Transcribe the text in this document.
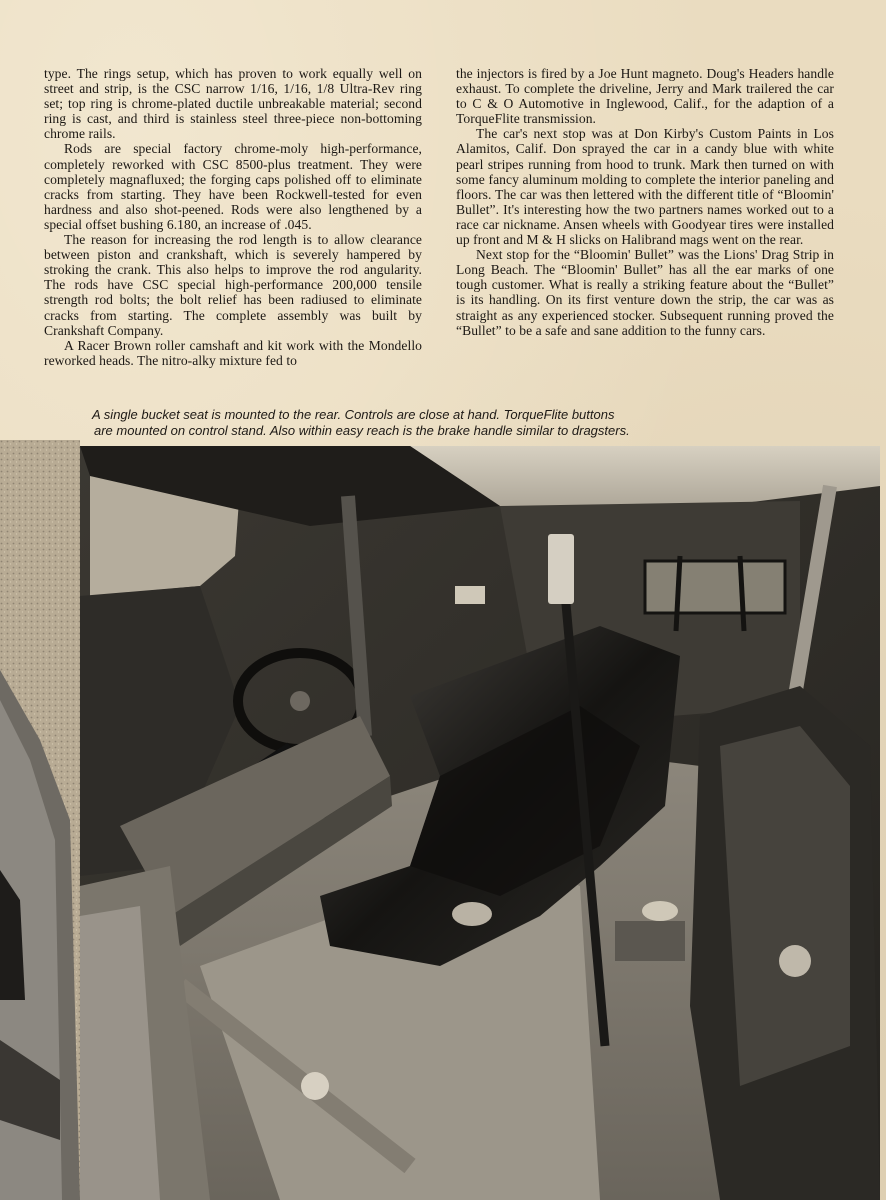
type. The rings setup, which has proven to work equally well on street and strip, is the CSC narrow 1/16, 1/16, 1/8 Ultra-Rev ring set; top ring is chrome-plated ductile unbreakable material; second ring is cast, and third is stainless steel three-piece non-bottoming chrome rails.

Rods are special factory chrome-moly high-performance, completely reworked with CSC 8500-plus treatment. They were completely magnafluxed; the forging caps polished off to eliminate cracks from starting. They have been Rockwell-tested for even hardness and also shot-peened. Rods were also lengthened by a special offset bushing 6.180, an increase of .045.

The reason for increasing the rod length is to allow clearance between piston and crankshaft, which is severely hampered by stroking the crank. This also helps to improve the rod angularity. The rods have CSC special high-performance 200,000 tensile strength rod bolts; the bolt relief has been radiused to eliminate cracks from starting. The complete assembly was built by Crankshaft Company.

A Racer Brown roller camshaft and kit work with the Mondello reworked heads. The nitro-alky mixture fed to

the injectors is fired by a Joe Hunt magneto. Doug's Headers handle exhaust. To complete the driveline, Jerry and Mark trailered the car to C & O Automotive in Inglewood, Calif., for the adaption of a TorqueFlite transmission.

The car's next stop was at Don Kirby's Custom Paints in Los Alamitos, Calif. Don sprayed the car in a candy blue with white pearl stripes running from hood to trunk. Mark then turned on with some fancy aluminum molding to complete the interior paneling and floors. The car was then lettered with the different title of “Bloomin' Bullet”. It's interesting how the two partners names worked out to a race car nickname. Ansen wheels with Goodyear tires were installed up front and M & H slicks on Halibrand mags went on the rear.

Next stop for the “Bloomin' Bullet” was the Lions' Drag Strip in Long Beach. The “Bloomin' Bullet” has all the ear marks of one tough customer. What is really a striking feature about the “Bullet” is its handling. On its first venture down the strip, the car was as straight as any experienced stocker. Subsequent running proved the “Bullet” to be a safe and sane addition to the funny cars.

A single bucket seat is mounted to the rear. Controls are close at hand. TorqueFlite buttons
are mounted on control stand. Also within easy reach is the brake handle similar to dragsters.
